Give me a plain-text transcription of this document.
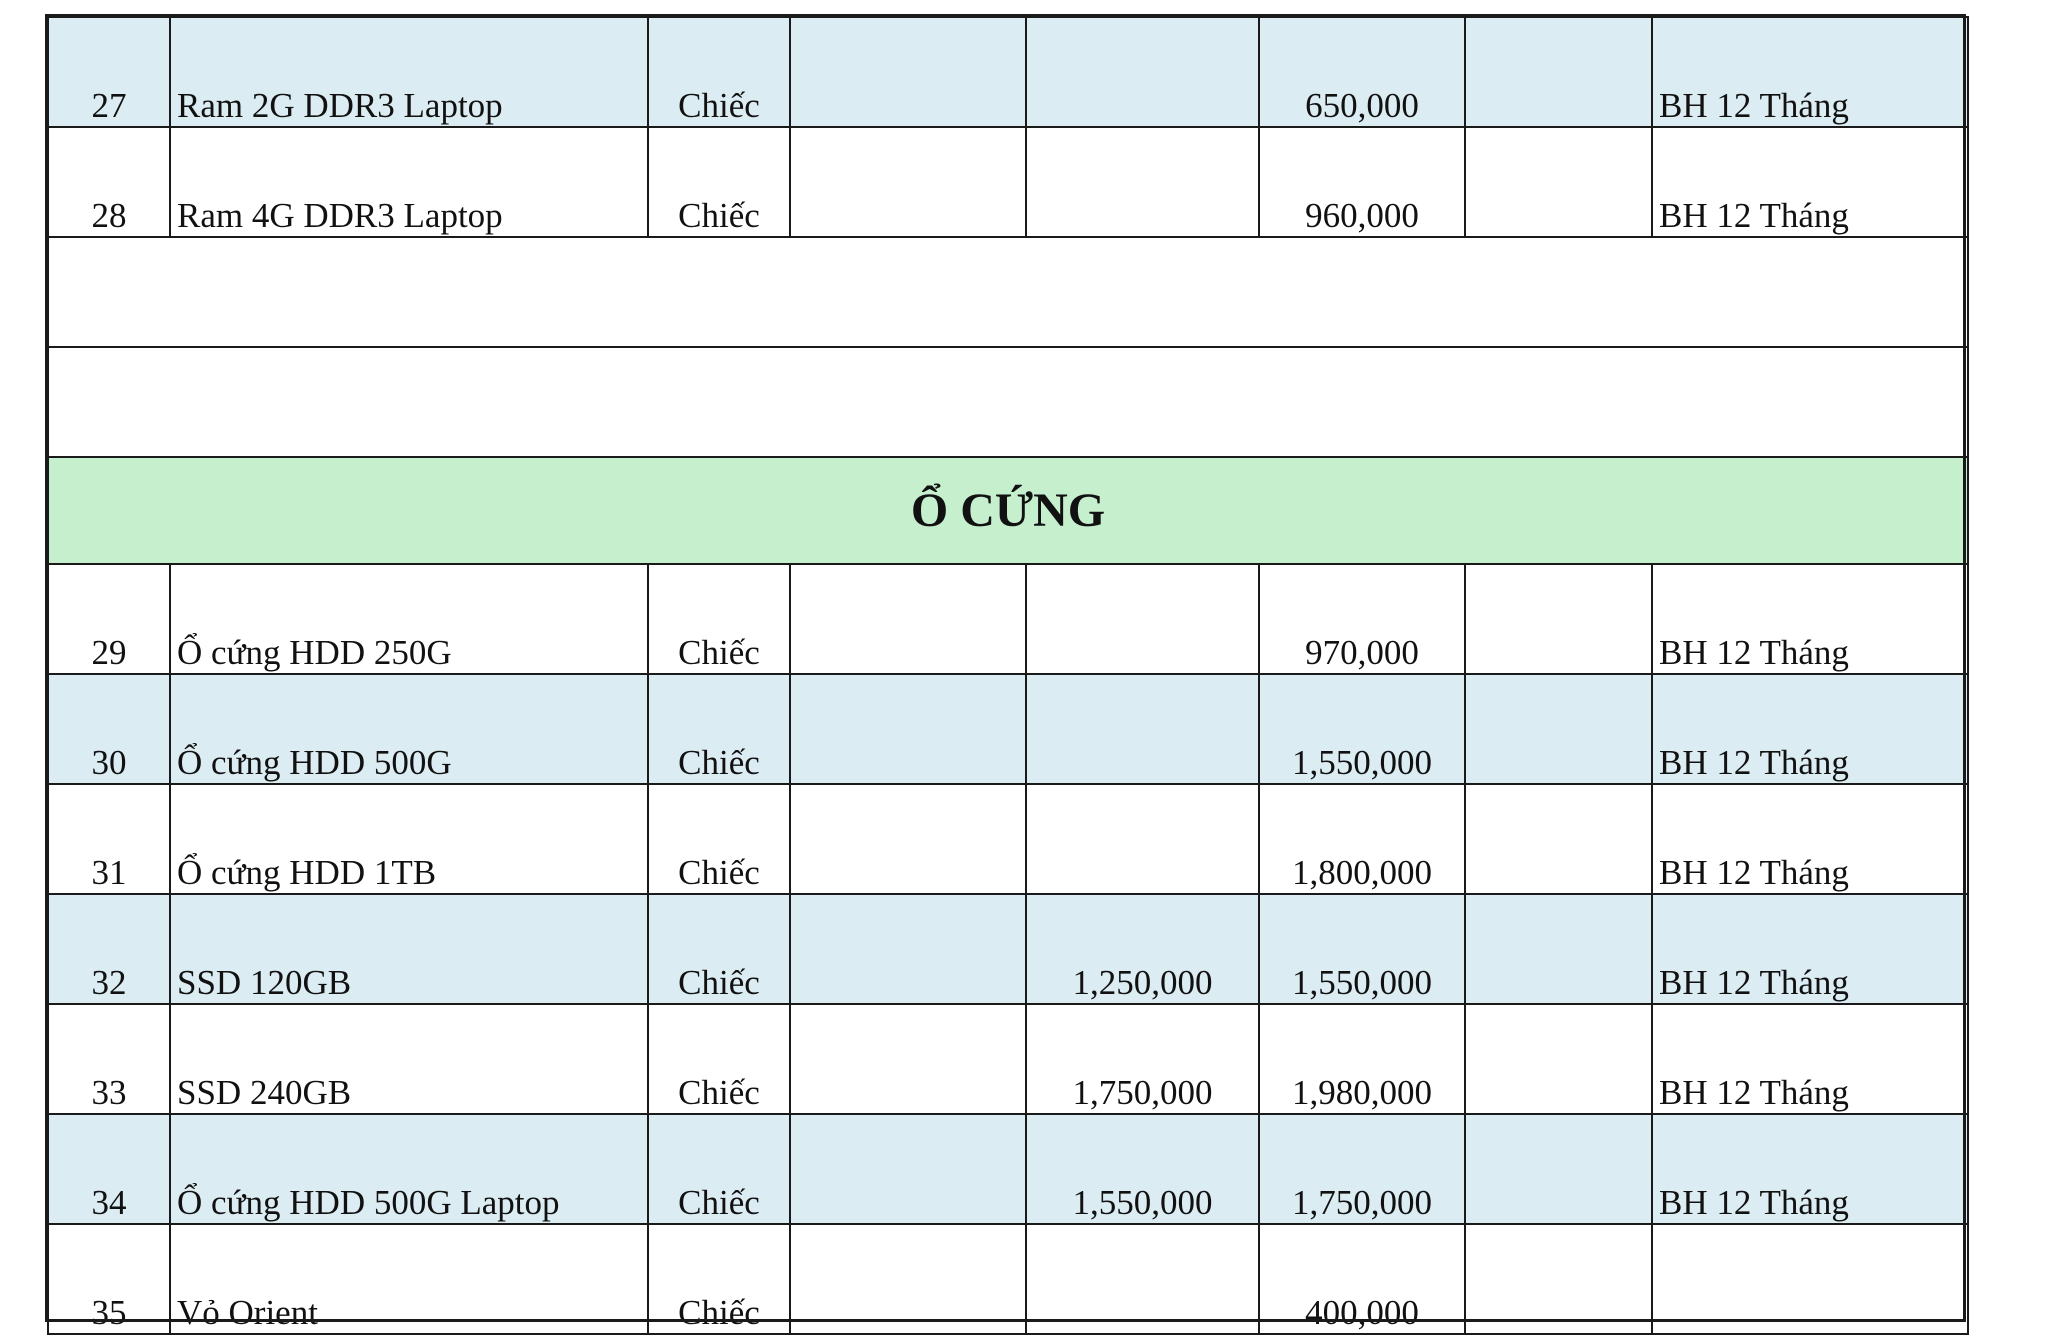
27	Ram 2G DDR3 Laptop	Chiếc			650,000		BH 12 Tháng
28	Ram 4G DDR3 Laptop	Chiếc			960,000		BH 12 Tháng

Ổ CỨNG							
29	Ổ cứng HDD 250G	Chiếc			970,000		BH 12 Tháng
30	Ổ cứng HDD 500G	Chiếc			1,550,000		BH 12 Tháng
31	Ổ cứng HDD 1TB	Chiếc			1,800,000		BH 12 Tháng
32	SSD 120GB	Chiếc		1,250,000	1,550,000		BH 12 Tháng
33	SSD 240GB	Chiếc		1,750,000	1,980,000		BH 12 Tháng
34	Ổ cứng HDD 500G Laptop	Chiếc		1,550,000	1,750,000		BH 12 Tháng
35	Vỏ Orient	Chiếc			400,000		
